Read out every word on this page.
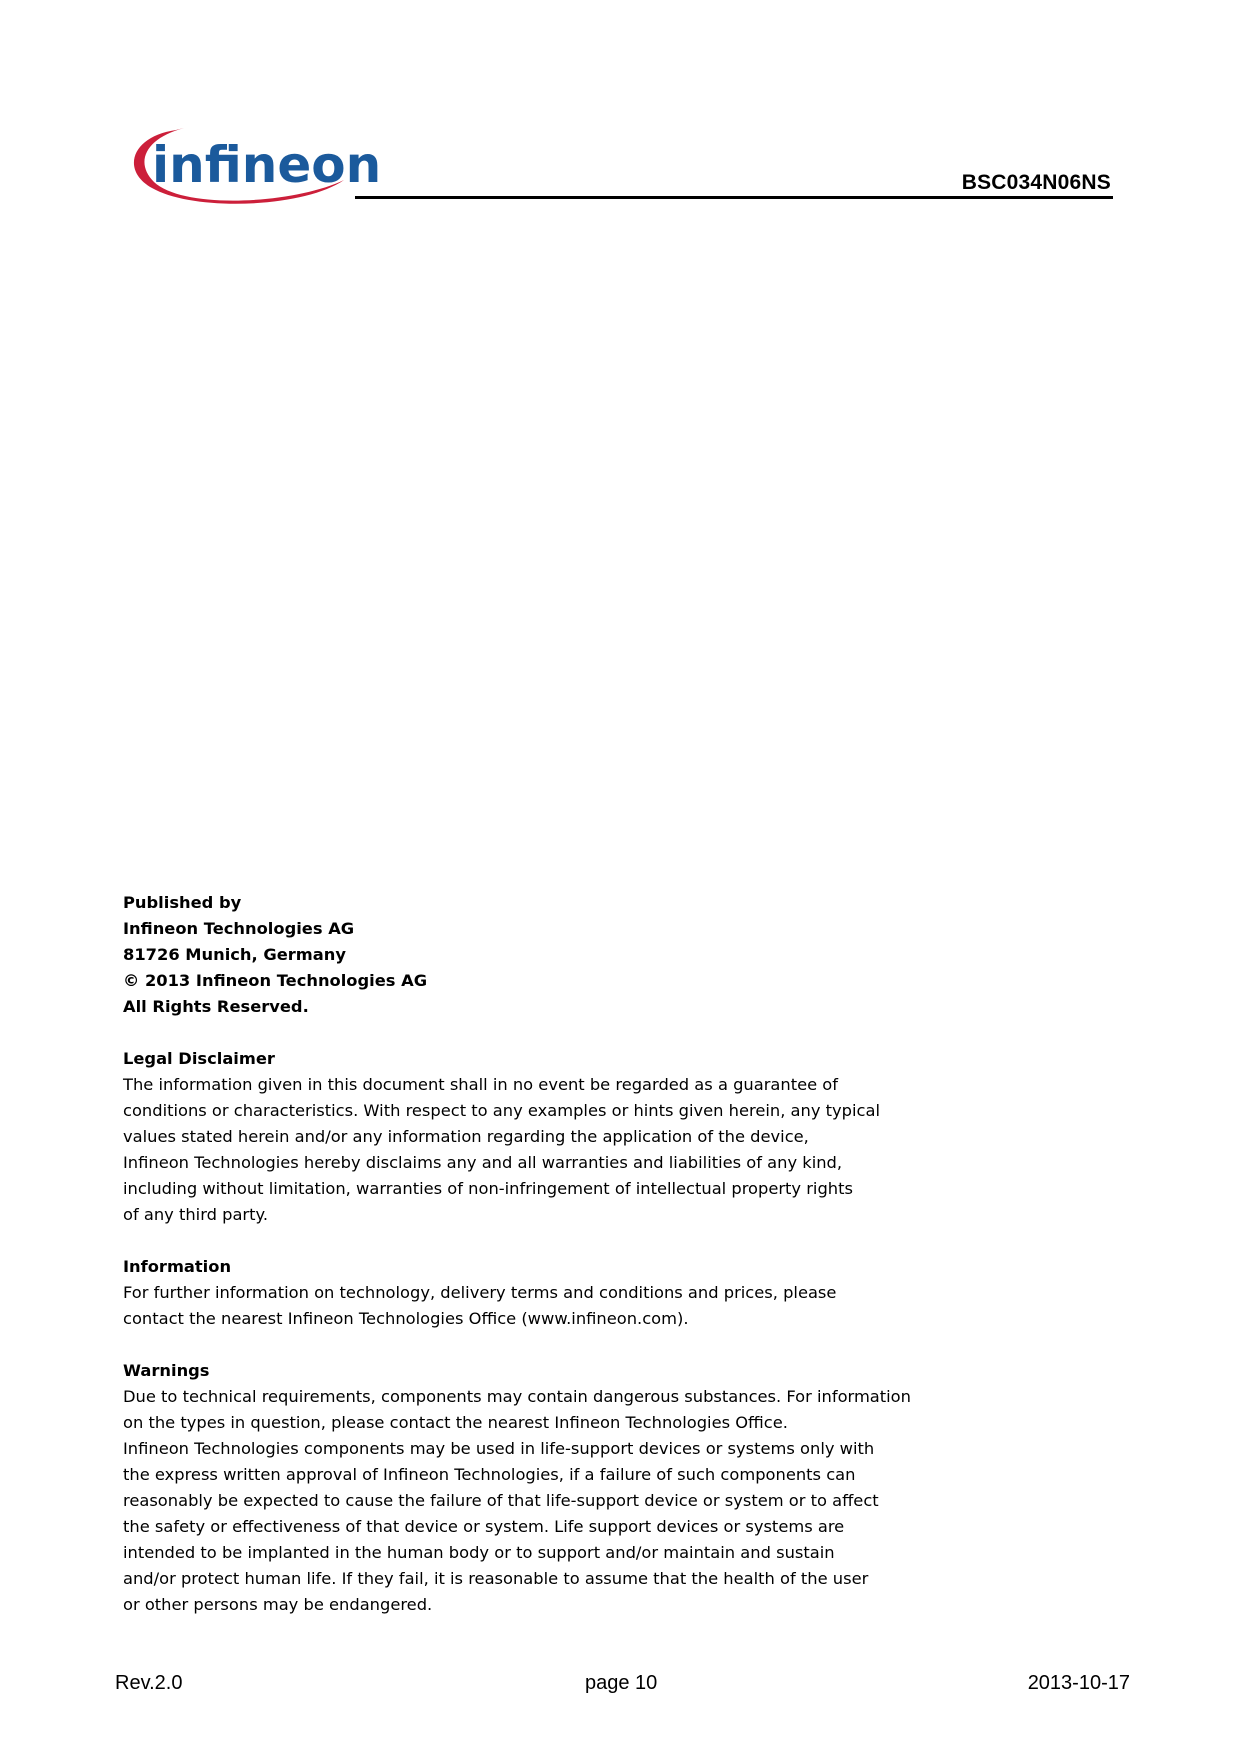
infineon	BSC034N06NS

Published by

Infineon Technologies AG

81726 Munich, Germany

© 2013 Infineon Technologies AG

All Rights Reserved.

Legal Disclaimer

The information given in this document shall in no event be regarded as a guarantee of

conditions or characteristics. With respect to any examples or hints given herein, any typical

values stated herein and/or any information regarding the application of the device,

Infineon Technologies hereby disclaims any and all warranties and liabilities of any kind,

including without limitation, warranties of non-infringement of intellectual property rights

of any third party.

Information

For further information on technology, delivery terms and conditions and prices, please

contact the nearest Infineon Technologies Office (www.infineon.com).

Warnings

Due to technical requirements, components may contain dangerous substances. For information

on the types in question, please contact the nearest Infineon Technologies Office.

Infineon Technologies components may be used in life-support devices or systems only with

the express written approval of Infineon Technologies, if a failure of such components can

reasonably be expected to cause the failure of that life-support device or system or to affect

the safety or effectiveness of that device or system. Life support devices or systems are

intended to be implanted in the human body or to support and/or maintain and sustain

and/or protect human life. If they fail, it is reasonable to assume that the health of the user

or other persons may be endangered.

Rev.2.0	page 10	2013-10-17
